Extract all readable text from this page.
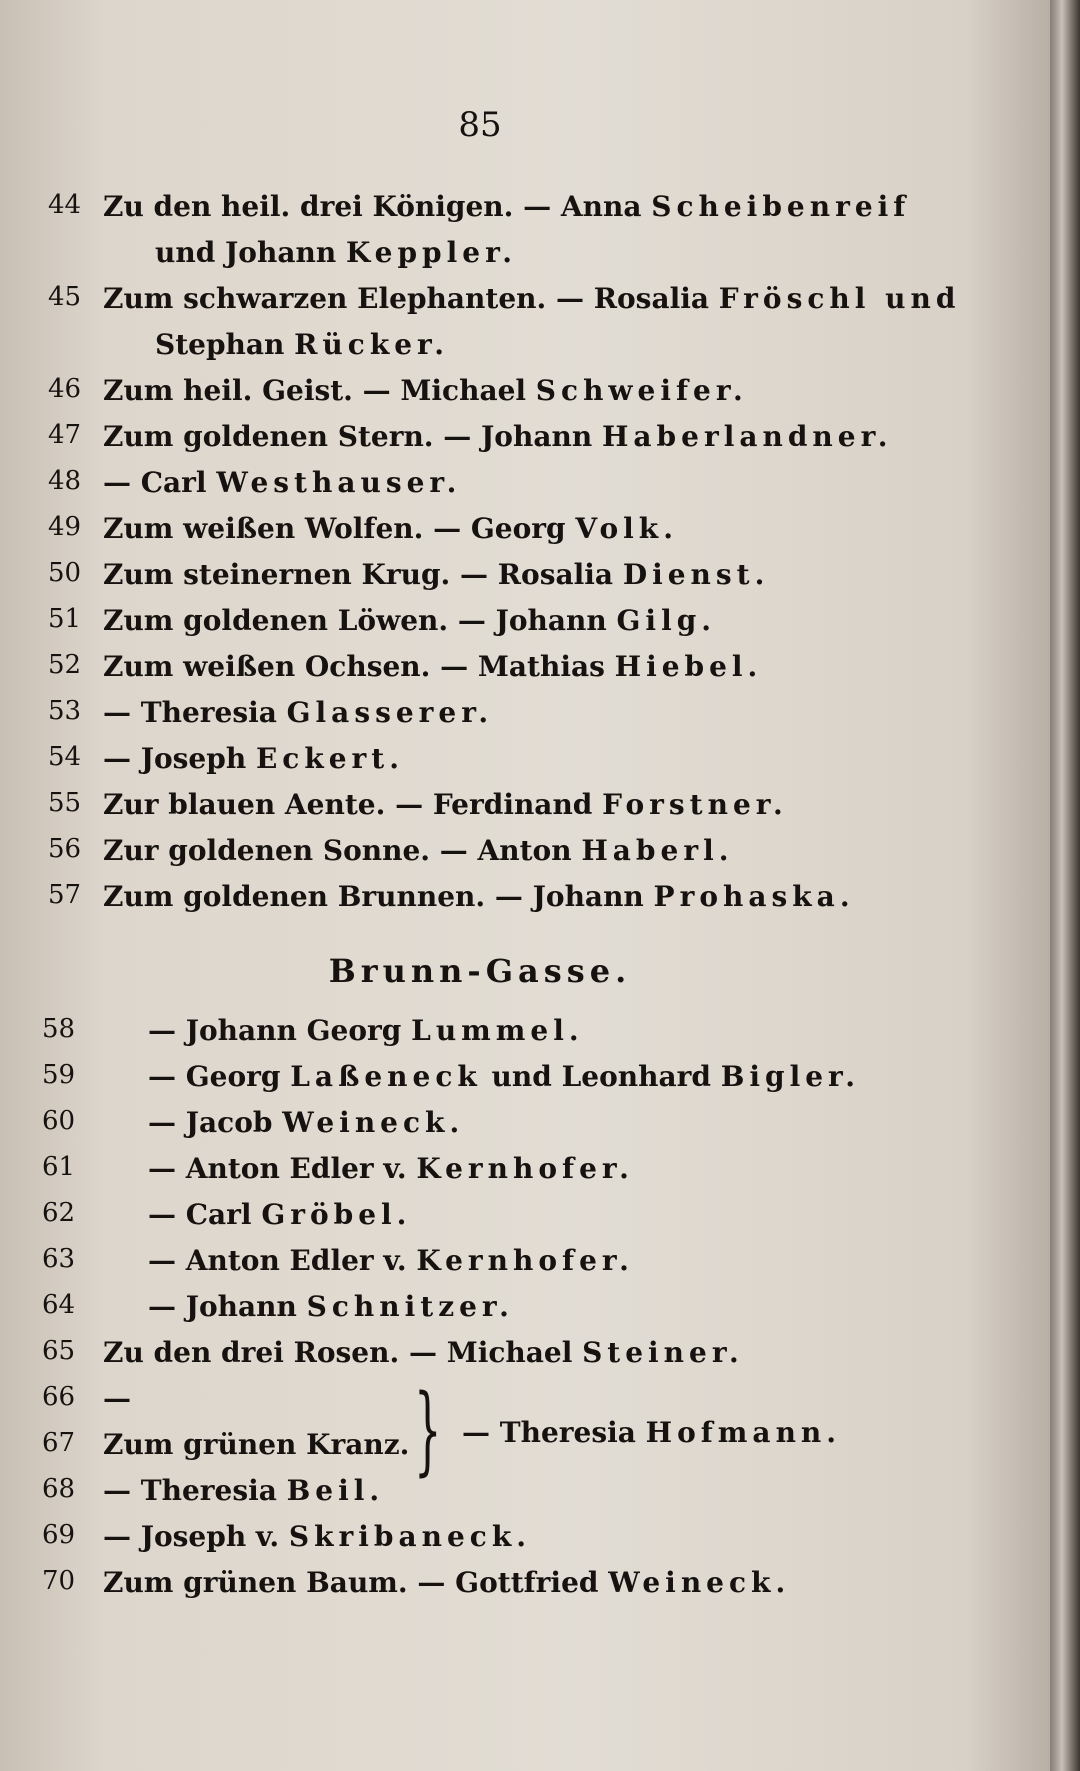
85
44 Zu den heil. drei Königen. — Anna Scheibenreif
und Johann Keppler.
45 Zum schwarzen Elephanten. — Rosalia Fröschl und
Stephan Rücker.
46 Zum heil. Geist. — Michael Schweifer.
47 Zum goldenen Stern. — Johann Haberlandner.
48 — Carl Westhauser.
49 Zum weißen Wolfen. — Georg Volk.
50 Zum steinernen Krug. — Rosalia Dienst.
51 Zum goldenen Löwen. — Johann Gilg.
52 Zum weißen Ochsen. — Mathias Hiebel.
53 — Theresia Glasserer.
54 — Joseph Eckert.
55 Zur blauen Aente. — Ferdinand Forstner.
56 Zur goldenen Sonne. — Anton Haberl.
57 Zum goldenen Brunnen. — Johann Prohaska.
Brunn-Gasse.
58	— Johann Georg Lummel.
59	— Georg Laßeneck und Leonhard Bigler.
60	— Jacob Weineck.
61	— Anton Edler v. Kernhofer.
62	— Carl Gröbel.
63	— Anton Edler v. Kernhofer.
64	— Johann Schnitzer.
65 Zu den drei Rosen. — Michael Steiner.
66 —
67 Zum grünen Kranz. } — Theresia Hofmann.
68 — Theresia Beil.
69 — Joseph v. Skribaneck.
70 Zum grünen Baum. — Gottfried Weineck.
